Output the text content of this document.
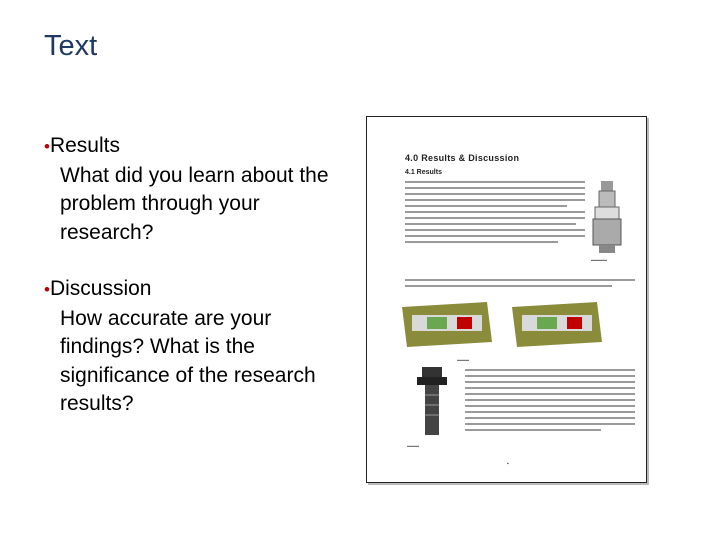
Text
•Results
What did you learn about the problem through your research?
•Discussion
How accurate are your findings? What is the significance of the research results?
4.0 Results & Discussion
4.1 Results
▬▬▬▬
▬▬▬
▬▬▬
▪
